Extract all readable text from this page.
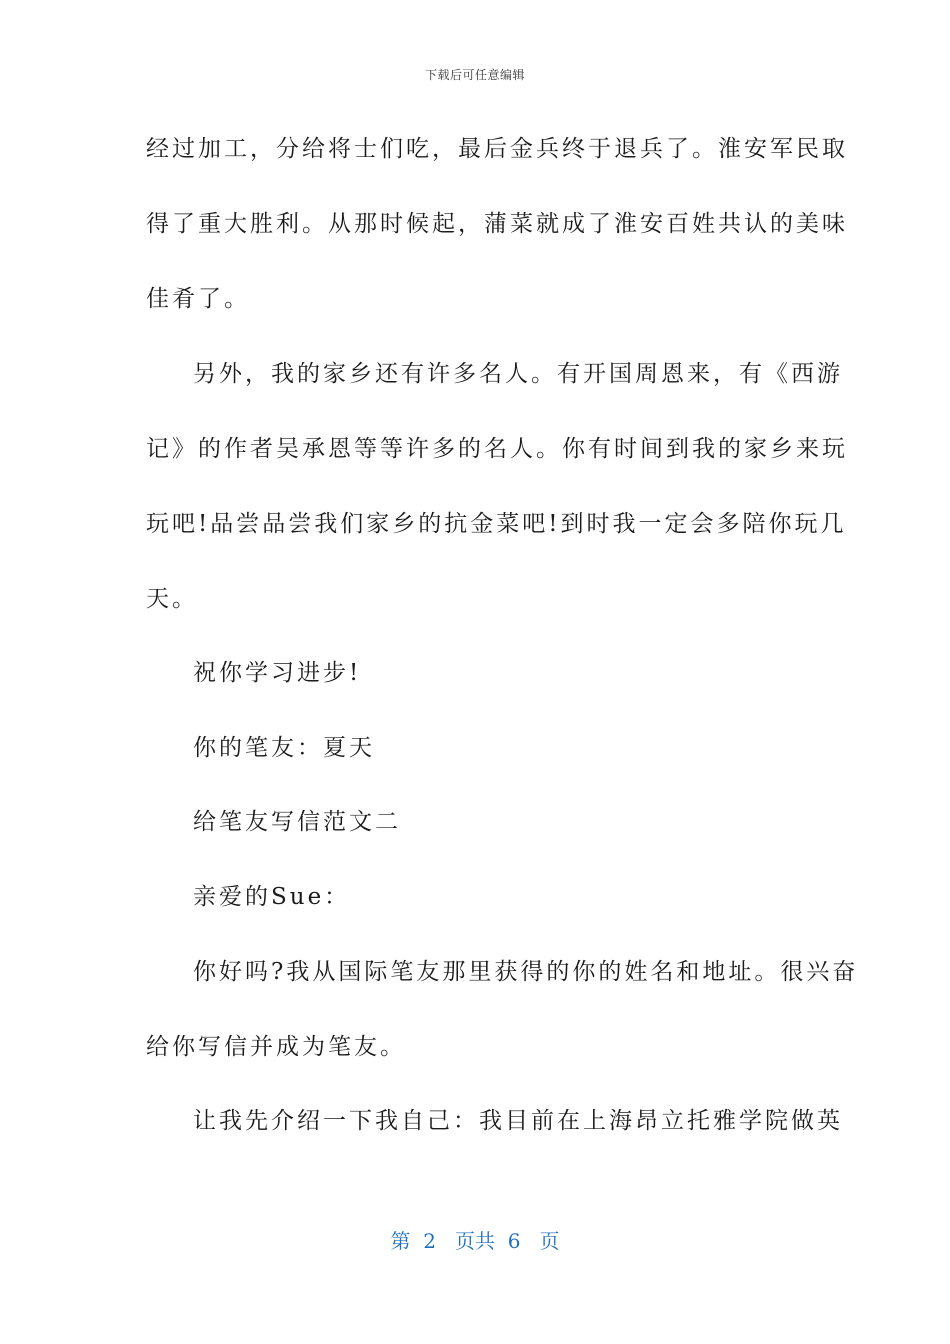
下载后可任意编辑
经过加工，分给将士们吃，最后金兵终于退兵了。淮安军民取
得了重大胜利。从那时候起，蒲菜就成了淮安百姓共认的美味
佳肴了。
另外，我的家乡还有许多名人。有开国周恩来，有《西游
记》的作者吴承恩等等许多的名人。你有时间到我的家乡来玩
玩吧!品尝品尝我们家乡的抗金菜吧!到时我一定会多陪你玩几
天。
祝你学习进步!
你的笔友：夏天
给笔友写信范文二
亲爱的Sue：
你好吗?我从国际笔友那里获得的你的姓名和地址。很兴奋
给你写信并成为笔友。
让我先介绍一下我自己：我目前在上海昂立托雅学院做英
第  2   页共  6   页
